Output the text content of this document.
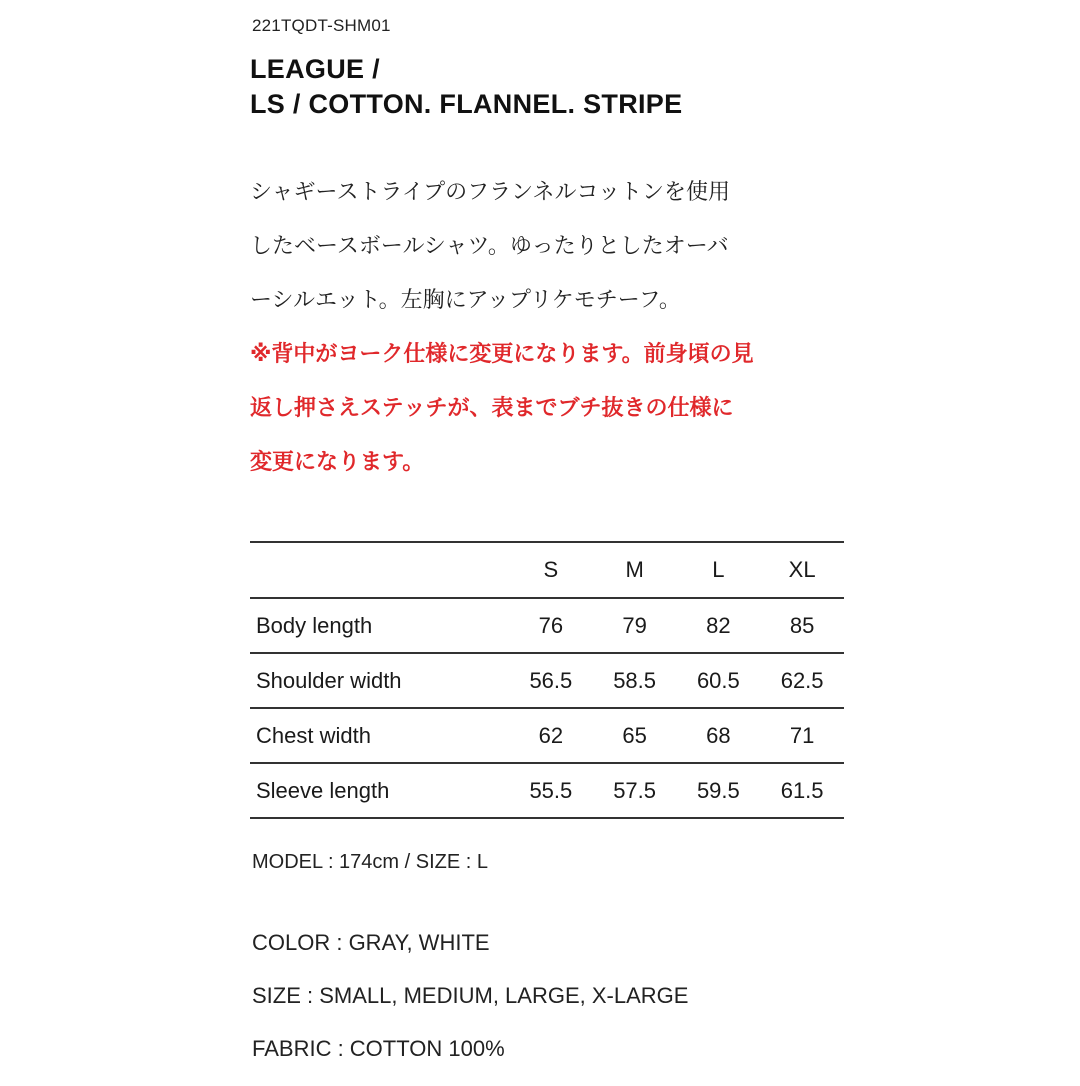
221TQDT-SHM01
LEAGUE /
LS / COTTON. FLANNEL. STRIPE
シャギーストライプのフランネルコットンを使用
したベースボールシャツ。ゆったりとしたオーバ
ーシルエット。左胸にアップリケモチーフ。
※背中がヨーク仕様に変更になります。前身頃の見
返し押さえステッチが、表までブチ抜きの仕様に
変更になります。
	S	M	L	XL
Body length	76	79	82	85
Shoulder width	56.5	58.5	60.5	62.5
Chest width	62	65	68	71
Sleeve length	55.5	57.5	59.5	61.5
MODEL : 174cm / SIZE : L
COLOR : GRAY, WHITE
SIZE : SMALL, MEDIUM, LARGE, X-LARGE
FABRIC : COTTON 100%
